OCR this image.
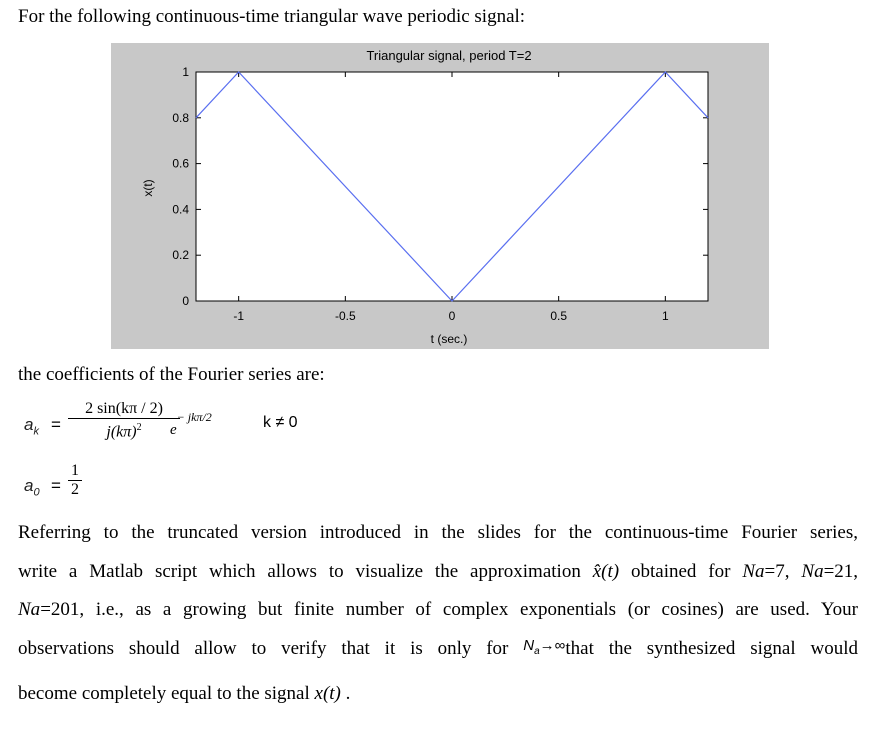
For the following continuous-time triangular wave periodic signal:
-1	-0.5	0	0.5	1
0
0.2
0.4
0.6
0.8
1
Triangular signal, period T=2
t (sec.)
x(t)
the coefficients of the Fourier series are:
$a_k$ =
2 sin(kπ / 2)
$j(k\pi)^2$	e− jkπ/2	k ≠ 0
$a_0$ =
1
2
Referring to the truncated version introduced in the slides for the continuous-time Fourier series,
write a Matlab script which allows to visualize the approximation x̂(t) obtained for Na=7, Na=21,
Na=201, i.e., as a growing but finite number of complex exponentials (or cosines) are used. Your
observations should allow to verify that it is only for $^{N_a\to\infty}$that the synthesized signal would
become completely equal to the signal x(t) .
